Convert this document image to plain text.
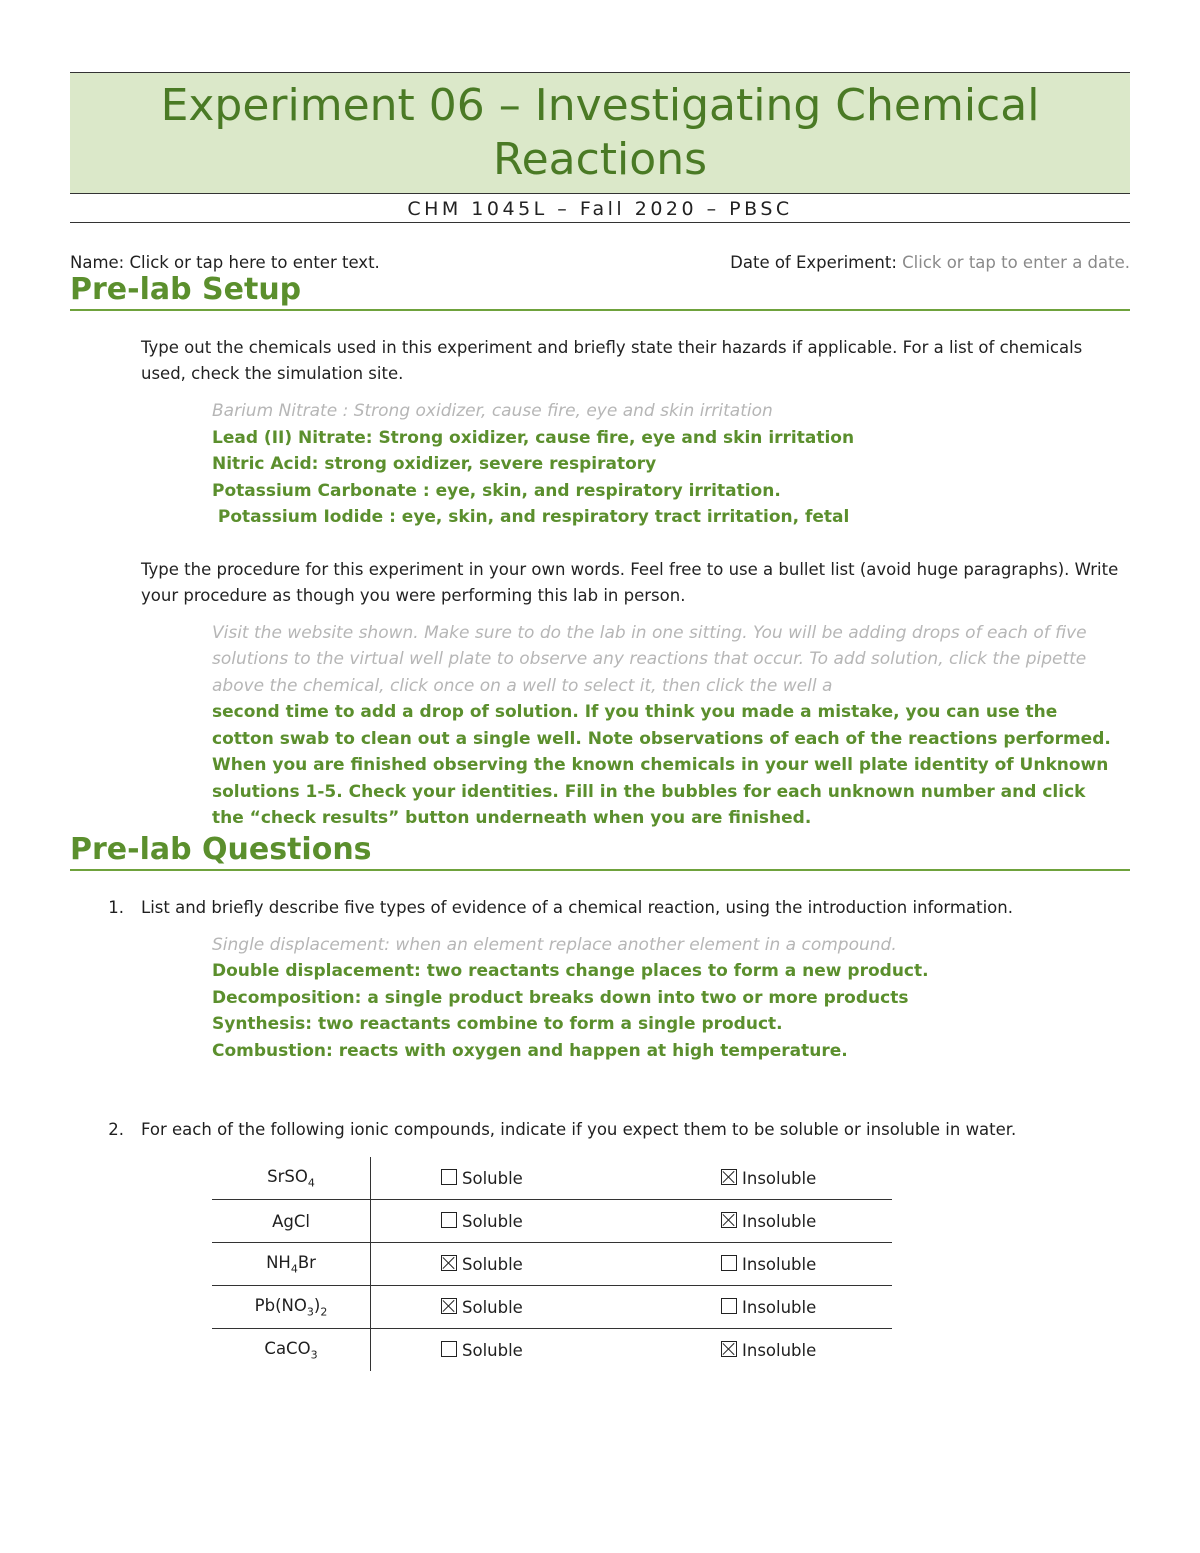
Experiment 06 – Investigating Chemical
Reactions
CHM 1045L – Fall 2020 – PBSC
Name: Click or tap here to enter text.	Date of Experiment: Click or tap to enter a date.
Pre-lab Setup
Type out the chemicals used in this experiment and briefly state their hazards if applicable. For a list of chemicals used, check the simulation site.
Barium Nitrate : Strong oxidizer, cause fire, eye and skin irritation
Lead (II) Nitrate: Strong oxidizer, cause fire, eye and skin irritation
Nitric Acid: strong oxidizer, severe respiratory
Potassium Carbonate : eye, skin, and respiratory irritation.
Potassium Iodide : eye, skin, and respiratory tract irritation, fetal
Type the procedure for this experiment in your own words. Feel free to use a bullet list (avoid huge paragraphs). Write your procedure as though you were performing this lab in person.
Visit the website shown. Make sure to do the lab in one sitting. You will be adding drops of each of five solutions to the virtual well plate to observe any reactions that occur. To add solution, click the pipette above the chemical, click once on a well to select it, then click the well a
second time to add a drop of solution. If you think you made a mistake, you can use the cotton swab to clean out a single well. Note observations of each of the reactions performed. When you are finished observing the known chemicals in your well plate identity of Unknown solutions 1-5. Check your identities. Fill in the bubbles for each unknown number and click the “check results” button underneath when you are finished.
Pre-lab Questions
1.	List and briefly describe five types of evidence of a chemical reaction, using the introduction information.
Single displacement: when an element replace another element in a compound.
Double displacement: two reactants change places to form a new product.
Decomposition: a single product breaks down into two or more products
Synthesis: two reactants combine to form a single product.
Combustion: reacts with oxygen and happen at high temperature.
2.	For each of the following ionic compounds, indicate if you expect them to be soluble or insoluble in water.
SrSO$_4$	Soluble	Insoluble
AgCl	Soluble	Insoluble
$NH_4Br$	Soluble	Insoluble
$Pb(NO_3)_2$	Soluble	Insoluble
CaCO$_3$	Soluble	Insoluble
